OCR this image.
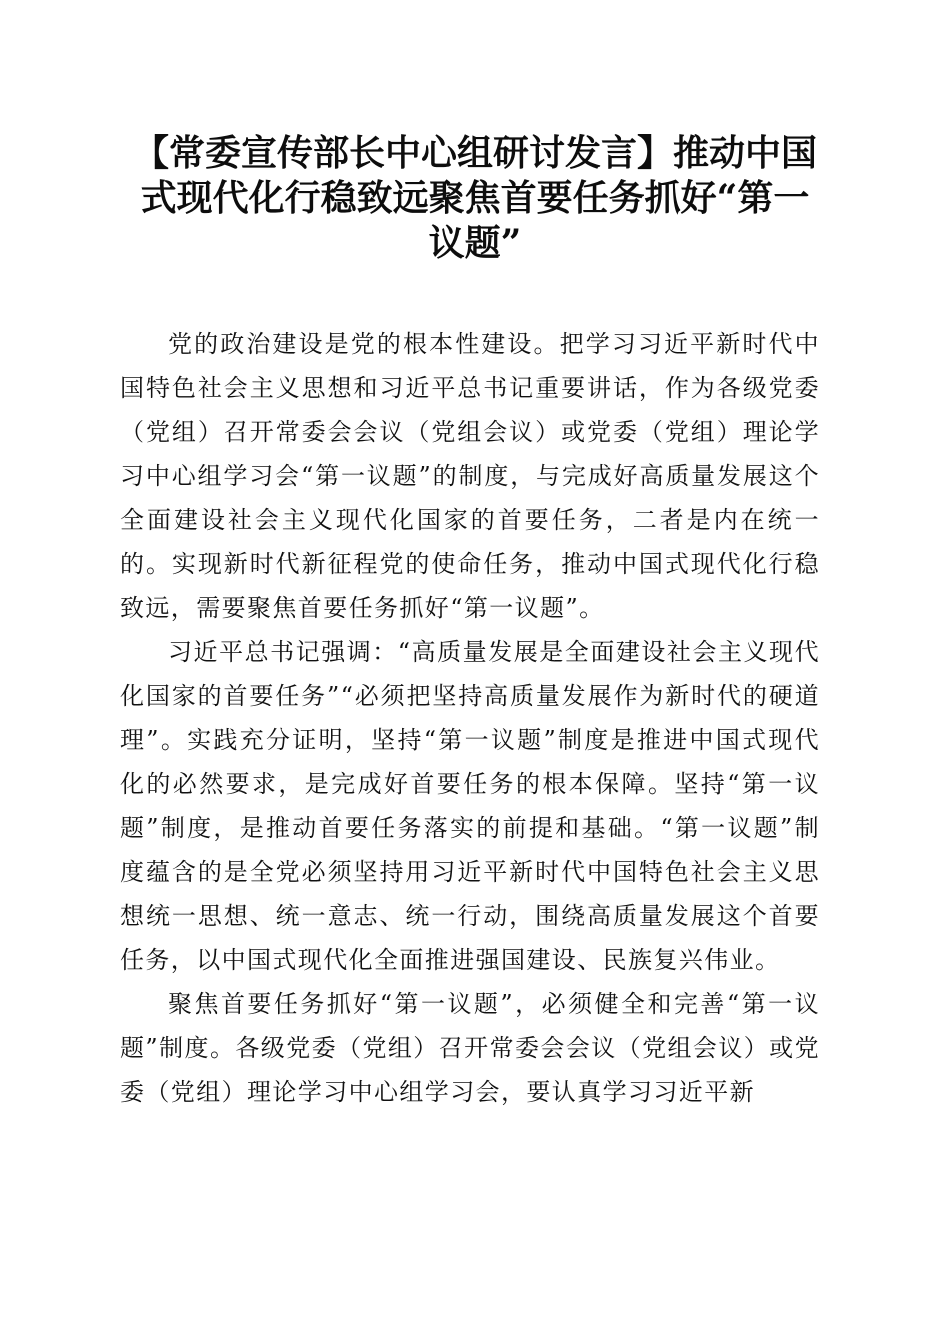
【常委宣传部长中心组研讨发言】推动中国式现代化行稳致远聚焦首要任务抓好“第一议题”

党的政治建设是党的根本性建设。把学习习近平新时代中国特色社会主义思想和习近平总书记重要讲话，作为各级党委（党组）召开常委会会议（党组会议）或党委（党组）理论学习中心组学习会“第一议题”的制度，与完成好高质量发展这个全面建设社会主义现代化国家的首要任务，二者是内在统一的。实现新时代新征程党的使命任务，推动中国式现代化行稳致远，需要聚焦首要任务抓好“第一议题”。

习近平总书记强调：“高质量发展是全面建设社会主义现代化国家的首要任务”“必须把坚持高质量发展作为新时代的硬道理”。实践充分证明，坚持“第一议题”制度是推进中国式现代化的必然要求，是完成好首要任务的根本保障。坚持“第一议题”制度，是推动首要任务落实的前提和基础。“第一议题”制度蕴含的是全党必须坚持用习近平新时代中国特色社会主义思想统一思想、统一意志、统一行动，围绕高质量发展这个首要任务，以中国式现代化全面推进强国建设、民族复兴伟业。

聚焦首要任务抓好“第一议题”，必须健全和完善“第一议题”制度。各级党委（党组）召开常委会会议（党组会议）或党委（党组）理论学习中心组学习会，要认真学习习近平新
